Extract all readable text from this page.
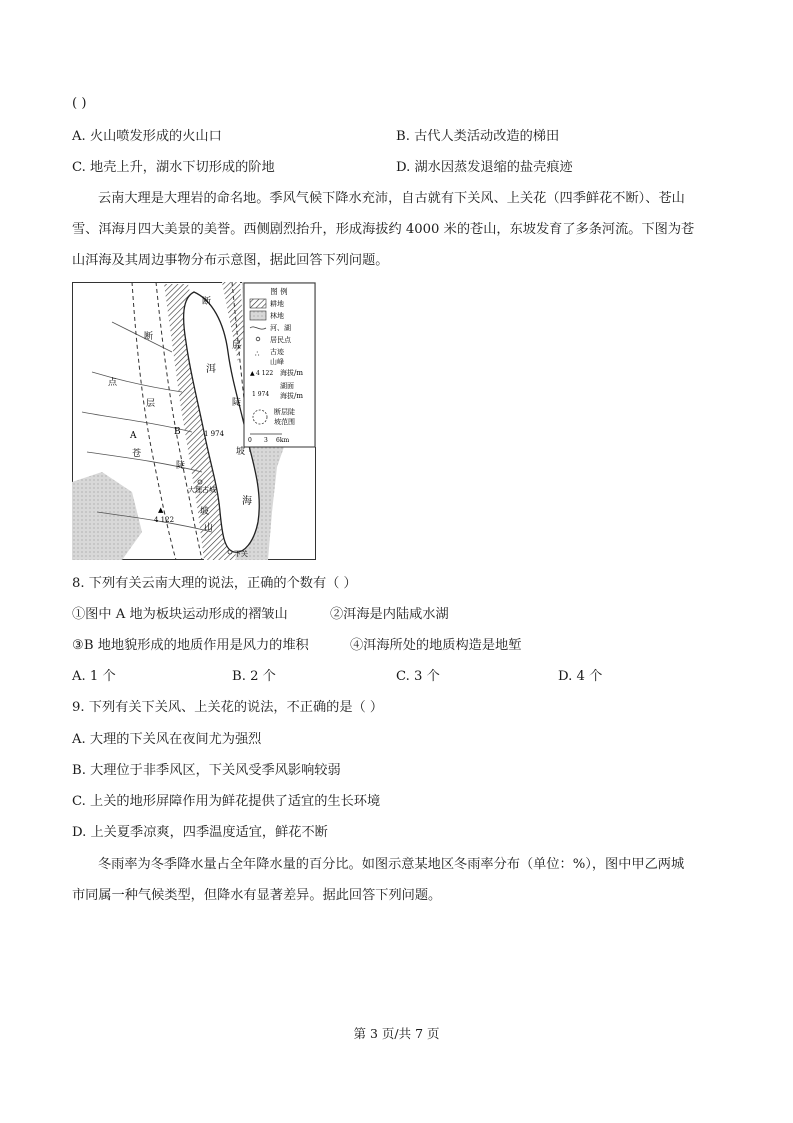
( )
A. 火山喷发形成的火山口	B. 古代人类活动改造的梯田
C. 地壳上升，湖水下切形成的阶地	D. 湖水因蒸发退缩的盐壳痕迹
云南大理是大理岩的命名地。季风气候下降水充沛，自古就有下关风、上关花（四季鲜花不断）、苍山
雪、洱海月四大美景的美誉。西侧剧烈抬升，形成海拔约 4000 米的苍山，东坡发育了多条河流。下图为苍
山洱海及其周边事物分布示意图，据此回答下列问题。
图 例
耕地
林地
河、湖
居民点
∴ 古迹
山峰
▲ 4 122 海拔/m
湖面
1 974 海拔/m
断层陡
坡范围
0 3 6km
断
断
点
层
层
洱
陡
A	B	1 974
苍	坡
陡
大理古城
海
坡
▲
4 122
山
下关
8. 下列有关云南大理的说法，正确的个数有（ ）
①图中 A 地为板块运动形成的褶皱山	②洱海是内陆咸水湖
③B 地地貌形成的地质作用是风力的堆积	④洱海所处的地质构造是地堑
A. 1 个	B. 2 个	C. 3 个	D. 4 个
9. 下列有关下关风、上关花的说法，不正确的是（ ）
A. 大理的下关风在夜间尤为强烈
B. 大理位于非季风区，下关风受季风影响较弱
C. 上关的地形屏障作用为鲜花提供了适宜的生长环境
D. 上关夏季凉爽，四季温度适宜，鲜花不断
冬雨率为冬季降水量占全年降水量的百分比。如图示意某地区冬雨率分布（单位：%），图中甲乙两城
市同属一种气候类型，但降水有显著差异。据此回答下列问题。
第 3 页/共 7 页
